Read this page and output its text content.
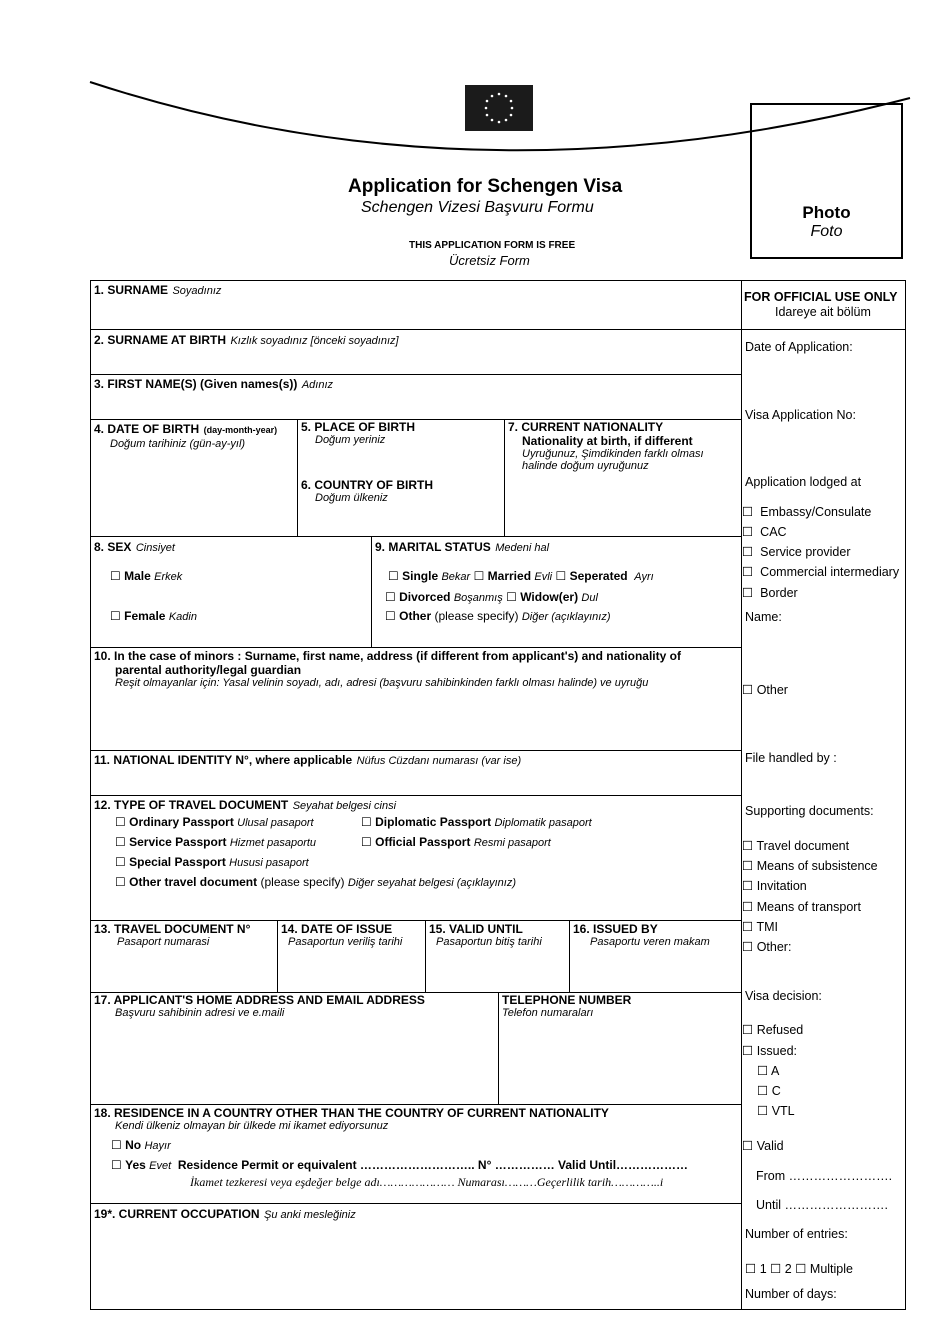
Photo
Foto
Application for Schengen Visa
Schengen Vizesi Başvuru Formu
THIS APPLICATION FORM IS FREE
Ücretsiz Form
1. SURNAME Soyadınız
2. SURNAME AT BIRTH Kızlık soyadınız [önceki soyadınız]
3. FIRST NAME(S) (Given names(s)) Adınız
4. DATE OF BIRTH (day-month-year)
Doğum tarihiniz (gün-ay-yıl)
5. PLACE OF BIRTH
Doğum yeriniz
6. COUNTRY OF BIRTH
Doğum ülkeniz
7. CURRENT NATIONALITY
Nationality at birth, if different
Uyruğunuz, Şimdikinden farklı olması halinde doğum uyruğunuz
8. SEX Cinsiyet
☐ Male Erkek
☐ Female Kadin
9. MARITAL STATUS Medeni hal
☐ Single Bekar ☐ Married Evli ☐ Seperated Ayrı
☐ Divorced Boşanmış ☐ Widow(er) Dul
☐ Other (please specify) Diğer (açıklayınız)
10. In the case of minors : Surname, first name, address (if different from applicant's) and nationality of
parental authority/legal guardian
Reşit olmayanlar için: Yasal velinin soyadı, adı, adresi (başvuru sahibinkinden farklı olması halinde) ve uyruğu
11. NATIONAL IDENTITY N°, where applicable Nüfus Cüzdanı numarası (var ise)
12. TYPE OF TRAVEL DOCUMENT Seyahat belgesi cinsi
☐ Ordinary Passport Ulusal pasaport	☐ Diplomatic Passport Diplomatik pasaport
☐ Service Passport Hizmet pasaportu	☐ Official Passport Resmi pasaport
☐ Special Passport Hususi pasaport
☐ Other travel document (please specify) Diğer seyahat belgesi (açıklayınız)
13. TRAVEL DOCUMENT N°
Pasaport numarasi
14. DATE OF ISSUE
Pasaportun veriliş tarihi
15. VALID UNTIL
Pasaportun bitiş tarihi
16. ISSUED BY
Pasaportu veren makam
17. APPLICANT'S HOME ADDRESS AND EMAIL ADDRESS
Başvuru sahibinin adresi ve e.maili
TELEPHONE NUMBER
Telefon numaraları
18. RESIDENCE IN A COUNTRY OTHER THAN THE COUNTRY OF CURRENT NATIONALITY
Kendi ülkeniz olmayan bir ülkede mi ikamet ediyorsunuz
☐ No Hayır
☐ Yes Evet Residence Permit or equivalent ……………………….. N° …………… Valid Until………………
İkamet tezkeresi veya eşdeğer belge adı………………… Numarası………Geçerlilik tarih…………..i
19*. CURRENT OCCUPATION Şu anki mesleğiniz
FOR OFFICIAL USE ONLY
Idareye ait bölüm
Date of Application:
Visa Application No:
Application lodged at
☐ Embassy/Consulate
☐ CAC
☐ Service provider
☐ Commercial intermediary
☐ Border
Name:
☐ Other
File handled by :
Supporting documents:
☐ Travel document
☐ Means of subsistence
☐ Invitation
☐ Means of transport
☐ TMI
☐ Other:
Visa decision:
☐ Refused
☐ Issued:
☐ A
☐ C
☐ VTL
☐ Valid
From …………………….
Until …………………….
Number of entries:
☐ 1 ☐ 2 ☐ Multiple
Number of days:
